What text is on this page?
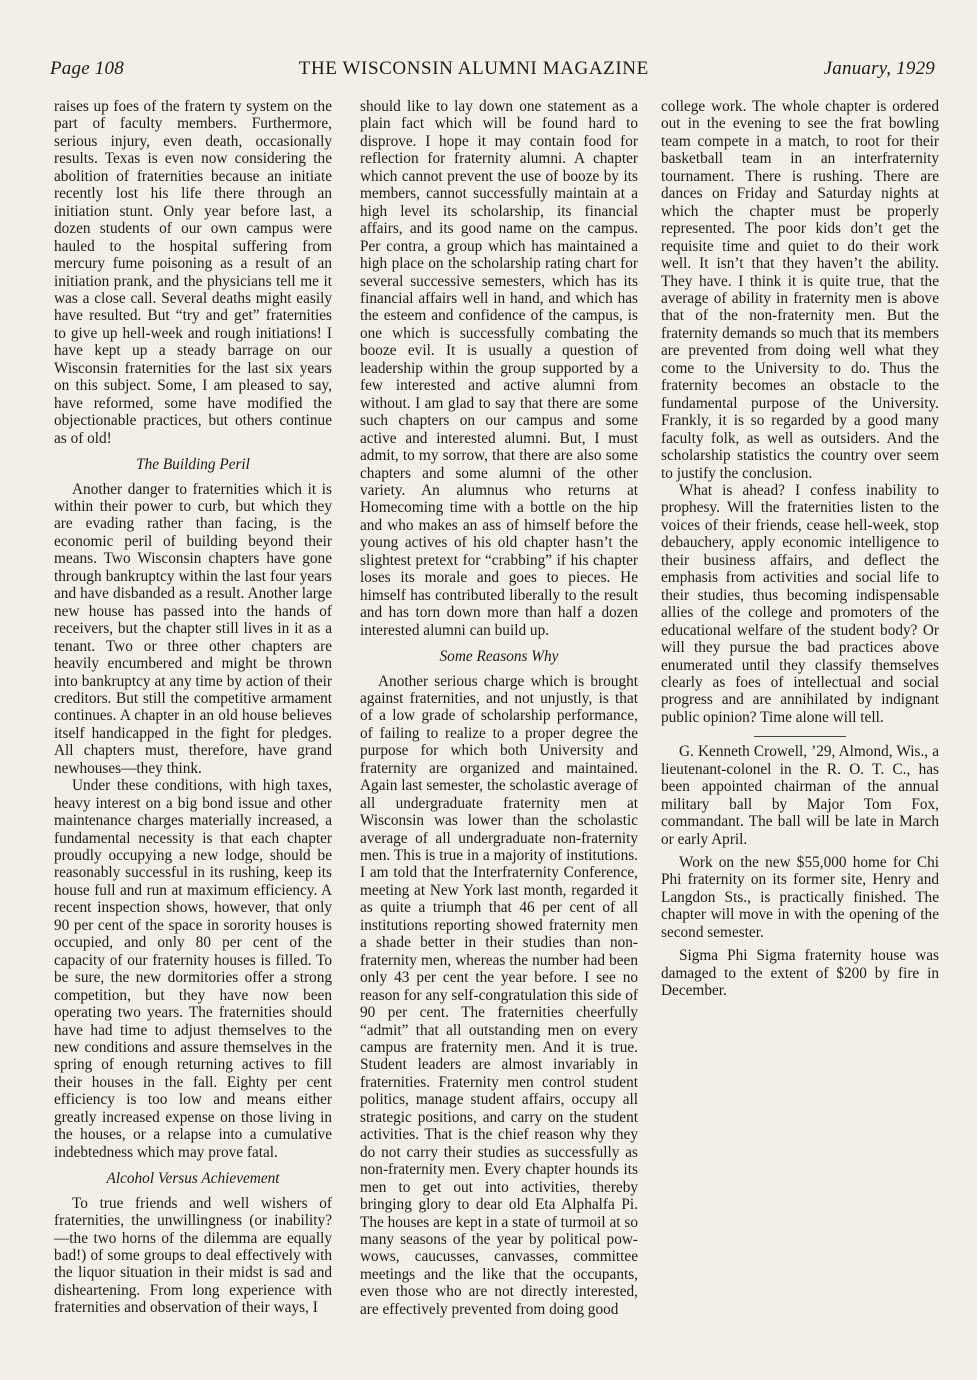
Page 108	THE WISCONSIN ALUMNI MAGAZINE	January, 1929

raises up foes of the fratern ty system on the part of faculty members. Furthermore, serious injury, even death, occasionally results. Texas is even now considering the abolition of fraternities because an initiate recently lost his life there through an initiation stunt. Only year before last, a dozen students of our own campus were hauled to the hospital suffering from mercury fume poisoning as a result of an initiation prank, and the physicians tell me it was a close call. Several deaths might easily have resulted. But “try and get” fraternities to give up hell-week and rough initiations! I have kept up a steady barrage on our Wisconsin fraternities for the last six years on this subject. Some, I am pleased to say, have reformed, some have modified the objectionable practices, but others continue as of old!

The Building Peril

Another danger to fraternities which it is within their power to curb, but which they are evading rather than facing, is the economic peril of building beyond their means. Two Wisconsin chapters have gone through bankruptcy within the last four years and have disbanded as a result. Another large new house has passed into the hands of receivers, but the chapter still lives in it as a tenant. Two or three other chapters are heavily encumbered and might be thrown into bankruptcy at any time by action of their creditors. But still the competitive armament continues. A chapter in an old house believes itself handicapped in the fight for pledges. All chapters must, therefore, have grand newhouses—they think.

Under these conditions, with high taxes, heavy interest on a big bond issue and other maintenance charges materially increased, a fundamental necessity is that each chapter proudly occupying a new lodge, should be reasonably successful in its rushing, keep its house full and run at maximum efficiency. A recent inspection shows, however, that only 90 per cent of the space in sorority houses is occupied, and only 80 per cent of the capacity of our fraternity houses is filled. To be sure, the new dormitories offer a strong competition, but they have now been operating two years. The fraternities should have had time to adjust themselves to the new conditions and assure themselves in the spring of enough returning actives to fill their houses in the fall. Eighty per cent efficiency is too low and means either greatly increased expense on those living in the houses, or a relapse into a cumulative indebtedness which may prove fatal.

Alcohol Versus Achievement

To true friends and well wishers of fraternities, the unwillingness (or inability?—the two horns of the dilemma are equally bad!) of some groups to deal effectively with the liquor situation in their midst is sad and disheartening. From long experience with fraternities and observation of their ways, I

should like to lay down one statement as a plain fact which will be found hard to disprove. I hope it may contain food for reflection for fraternity alumni. A chapter which cannot prevent the use of booze by its members, cannot successfully maintain at a high level its scholarship, its financial affairs, and its good name on the campus. Per contra, a group which has maintained a high place on the scholarship rating chart for several successive semesters, which has its financial affairs well in hand, and which has the esteem and confidence of the campus, is one which is successfully combating the booze evil. It is usually a question of leadership within the group supported by a few interested and active alumni from without. I am glad to say that there are some such chapters on our campus and some active and interested alumni. But, I must admit, to my sorrow, that there are also some chapters and some alumni of the other variety. An alumnus who returns at Homecoming time with a bottle on the hip and who makes an ass of himself before the young actives of his old chapter hasn’t the slightest pretext for “crabbing” if his chapter loses its morale and goes to pieces. He himself has contributed liberally to the result and has torn down more than half a dozen interested alumni can build up.

Some Reasons Why

Another serious charge which is brought against fraternities, and not unjustly, is that of a low grade of scholarship performance, of failing to realize to a proper degree the purpose for which both University and fraternity are organized and maintained. Again last semester, the scholastic average of all undergraduate fraternity men at Wisconsin was lower than the scholastic average of all undergraduate non-fraternity men. This is true in a majority of institutions. I am told that the Interfraternity Conference, meeting at New York last month, regarded it as quite a triumph that 46 per cent of all institutions reporting showed fraternity men a shade better in their studies than non-fraternity men, whereas the number had been only 43 per cent the year before. I see no reason for any self-congratulation this side of 90 per cent. The fraternities cheerfully “admit” that all outstanding men on every campus are fraternity men. And it is true. Student leaders are almost invariably in fraternities. Fraternity men control student politics, manage student affairs, occupy all strategic positions, and carry on the student activities. That is the chief reason why they do not carry their studies as successfully as non-fraternity men. Every chapter hounds its men to get out into activities, thereby bringing glory to dear old Eta Alphalfa Pi. The houses are kept in a state of turmoil at so many seasons of the year by political pow-wows, caucusses, canvasses, committee meetings and the like that the occupants, even those who are not directly interested, are effectively prevented from doing good

college work. The whole chapter is ordered out in the evening to see the frat bowling team compete in a match, to root for their basketball team in an interfraternity tournament. There is rushing. There are dances on Friday and Saturday nights at which the chapter must be properly represented. The poor kids don’t get the requisite time and quiet to do their work well. It isn’t that they haven’t the ability. They have. I think it is quite true, that the average of ability in fraternity men is above that of the non-fraternity men. But the fraternity demands so much that its members are prevented from doing well what they come to the University to do. Thus the fraternity becomes an obstacle to the fundamental purpose of the University. Frankly, it is so regarded by a good many faculty folk, as well as outsiders. And the scholarship statistics the country over seem to justify the conclusion.

What is ahead? I confess inability to prophesy. Will the fraternities listen to the voices of their friends, cease hell-week, stop debauchery, apply economic intelligence to their business affairs, and deflect the emphasis from activities and social life to their studies, thus becoming indispensable allies of the college and promoters of the educational welfare of the student body? Or will they pursue the bad practices above enumerated until they classify themselves clearly as foes of intellectual and social progress and are annihilated by indignant public opinion? Time alone will tell.

G. Kenneth Crowell, ’29, Almond, Wis., a lieutenant-colonel in the R. O. T. C., has been appointed chairman of the annual military ball by Major Tom Fox, commandant. The ball will be late in March or early April.

Work on the new $55,000 home for Chi Phi fraternity on its former site, Henry and Langdon Sts., is practically finished. The chapter will move in with the opening of the second semester.

Sigma Phi Sigma fraternity house was damaged to the extent of $200 by fire in December.
